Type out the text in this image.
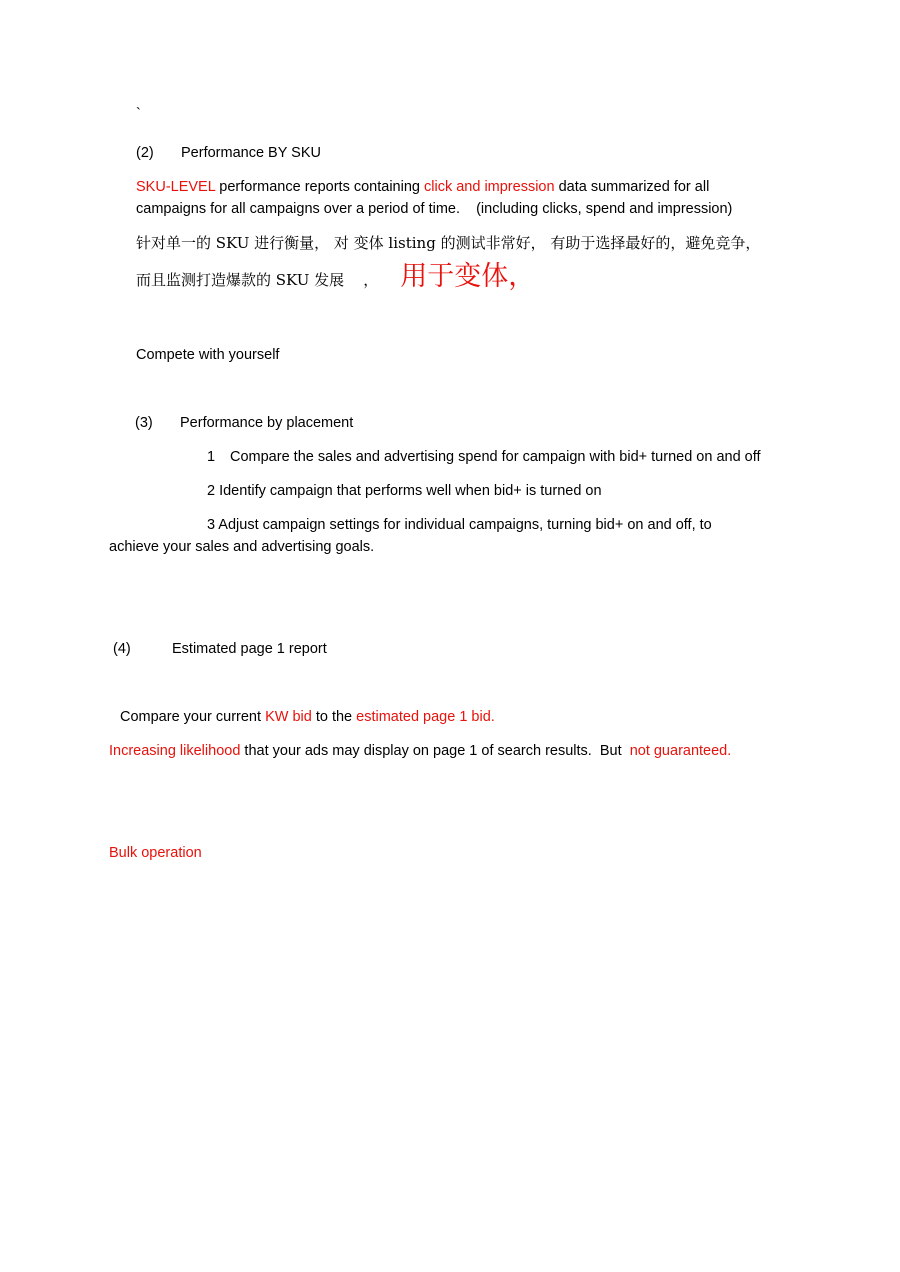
`
(2) Performance BY SKU
SKU-LEVEL performance reports containing click and impression data summarized for all
campaigns for all campaigns over a period of time.    (including clicks, spend and impression)
针对单一的 SKU 进行衡量， 对 变体 listing 的测试非常好， 有助于选择最好的，避免竞争，
而且监测打造爆款的 SKU 发展    ， 用于变体，
Compete with yourself
(3) Performance by placement
1 Compare the sales and advertising spend for campaign with bid+ turned on and off
2 Identify campaign that performs well when bid+ is turned on
3 Adjust campaign settings for individual campaigns, turning bid+ on and off, to
achieve your sales and advertising goals.
(4)	Estimated page 1 report
Compare your current KW bid to the estimated page 1 bid.
Increasing likelihood that your ads may display on page 1 of search results.  But  not guaranteed.
Bulk operation
